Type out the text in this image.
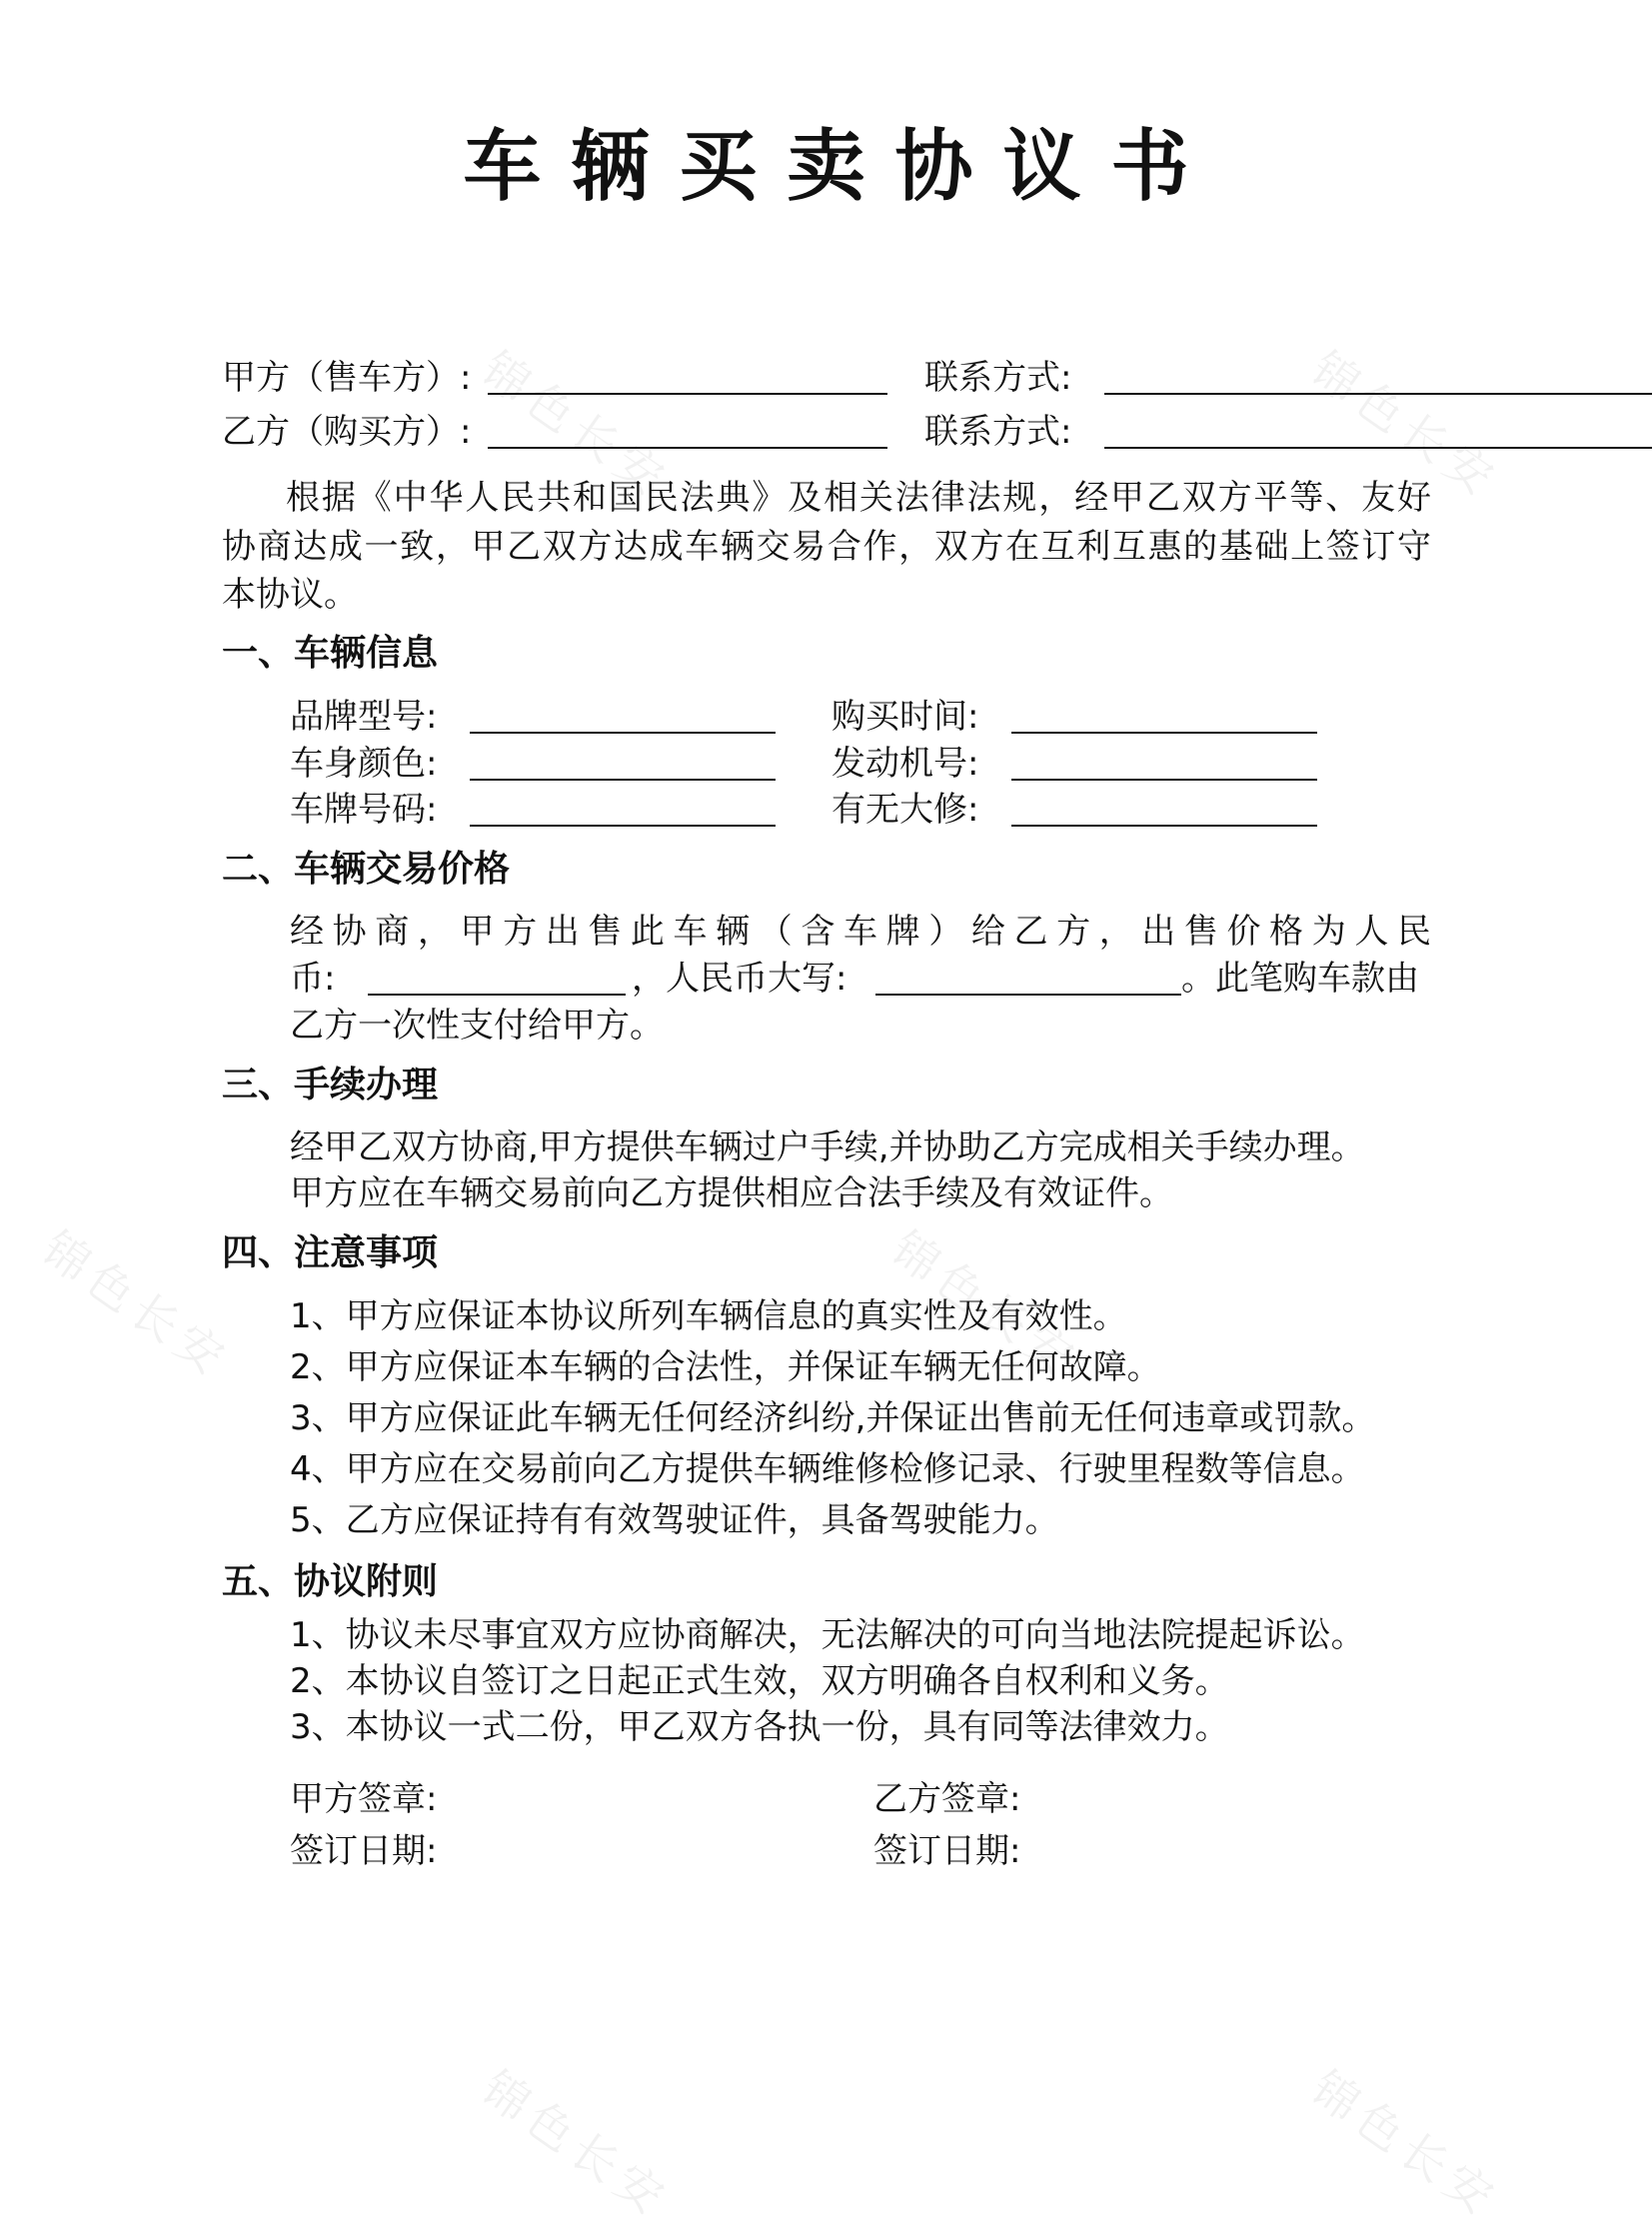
锦色长安	锦色长安
锦色长安	锦色长安
锦色长安	锦色长安
车辆买卖协议书
甲方（售车方）:	联系方式:
乙方（购买方）:	联系方式:
根据《中华人民共和国民法典》及相关法律法规，经甲乙双方平等、友好
协商达成一致，甲乙双方达成车辆交易合作，双方在互利互惠的基础上签订守
本协议。
一、车辆信息
品牌型号:	购买时间:
车身颜色:	发动机号:
车牌号码:	有无大修:
二、车辆交易价格
经协商，甲方出售此车辆（含车牌）给乙方，出售价格为人民
币:	，人民币大写:	。此笔购车款由
乙方一次性支付给甲方。
三、手续办理
经甲乙双方协商,甲方提供车辆过户手续,并协助乙方完成相关手续办理。
甲方应在车辆交易前向乙方提供相应合法手续及有效证件。
四、注意事项
1、甲方应保证本协议所列车辆信息的真实性及有效性。
2、甲方应保证本车辆的合法性，并保证车辆无任何故障。
3、甲方应保证此车辆无任何经济纠纷,并保证出售前无任何违章或罚款。
4、甲方应在交易前向乙方提供车辆维修检修记录、行驶里程数等信息。
5、乙方应保证持有有效驾驶证件，具备驾驶能力。
五、协议附则
1、协议未尽事宜双方应协商解决，无法解决的可向当地法院提起诉讼。
2、本协议自签订之日起正式生效，双方明确各自权利和义务。
3、本协议一式二份，甲乙双方各执一份，具有同等法律效力。
甲方签章:	乙方签章:
签订日期:	签订日期:
